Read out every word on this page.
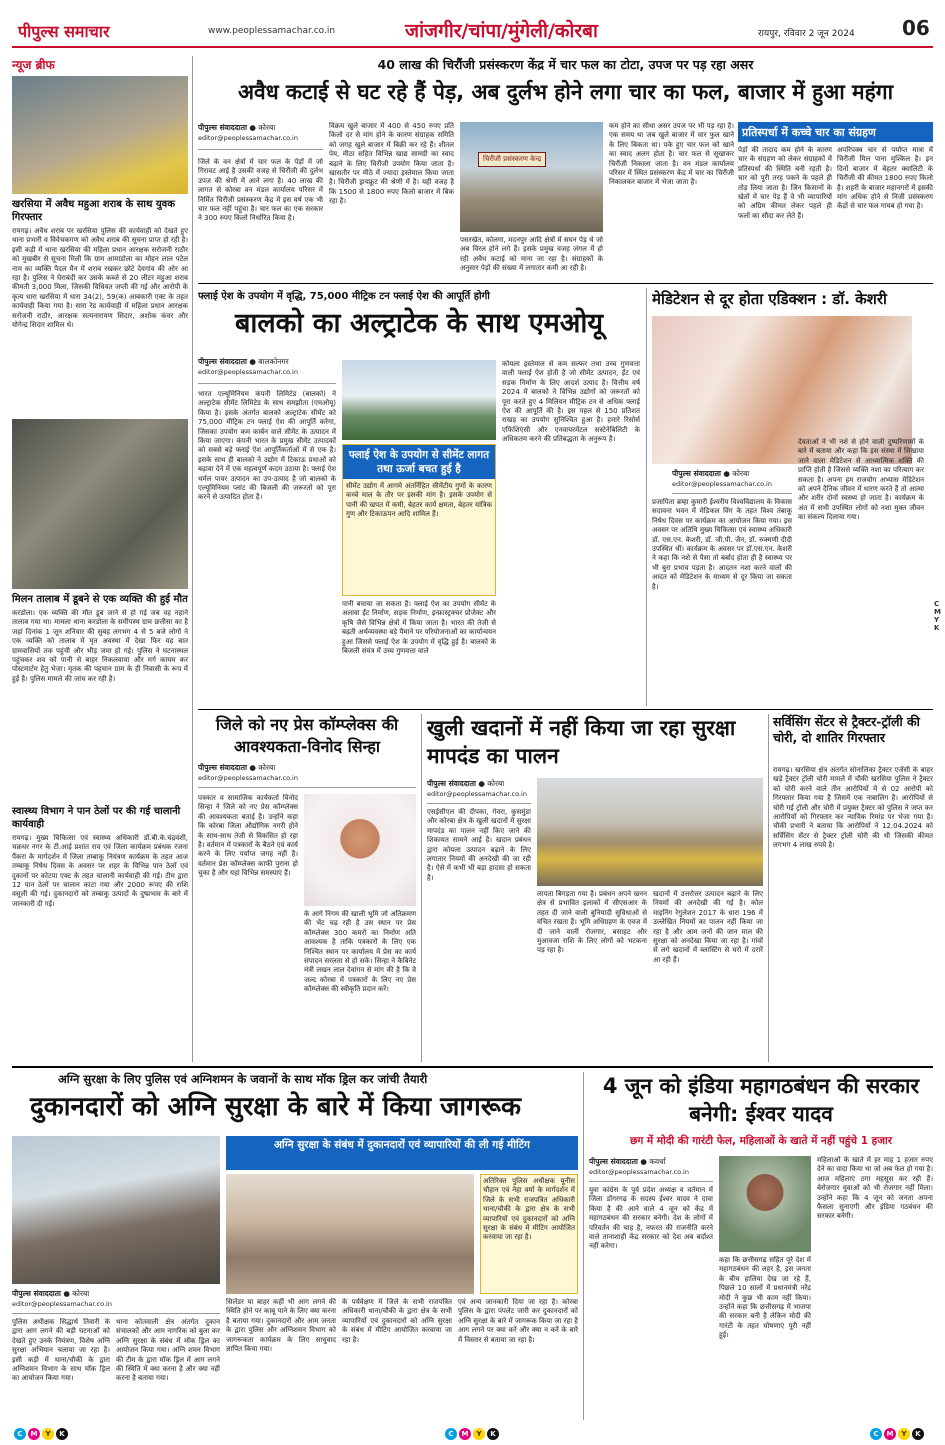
पीपुल्स समाचार	www.peoplessamachar.co.in	जांजगीर/चांपा/मुंगेली/कोरबा	रायपुर, रविवार 2 जून 2024 06
न्यूज ब्रीफ
खरसिया में अवैध महुआ शराब के साथ युवक गिरफ्तार
रायगढ़। अवैध शराब पर खरसिया पुलिस की कार्यवाही को देखते हुए थाना प्रभारी व विवेचकगण को अवैध शराब की सूचना प्राप्त हो रही है। इसी कड़ी में थाना खरसिया की महिला प्रधान आरक्षक सरोजनी राठौर को मुखबीर से सूचना मिली कि ग्राम आमाडोला का मोहन लाल पटेल नाम का व्यक्ति पैदल मैन में शराब रखकर छोटे देवगांव की ओर आ रहा है। पुलिस ने घेराबंदी कर उसके कब्जे से 20 लीटर महुआ शराब कीमती 3,000 मिला, जिसकी विधिवत जप्ती की गई और आरोपी के कृत्य धारा खरसिया में धारा 34(2), 59(क) आबकारी एक्ट के तहत कार्यवाही किया गया है। सारा रेड कार्यवाही में महिला प्रधान आरक्षक सरोजनी राठौर, आरक्षक सत्यनारायण सिदार, अशोक कंवर और योगेन्द्र सिदार शामिल थे।
मिलन तालाब में डूबने से एक व्यक्ति की हुई मौत
करडोला। एक व्यक्ति की मौत डूब जाने से हो गई जब वह नहाने तालाब गया था। मामला थाना करडोला के समीपस्थ ग्राम छत्तीसा का है जहां दिनांक 1 जून शनिवार की सुबह लगभग 4 से 5 बजे लोगों ने एक व्यक्ति को तालाब में मृत अवस्था में देखा फिर यह बात ग्रामवासियों तक पहुंची और भीड़ जमा हो गई। पुलिस ने घटनास्थल पहुंचकर शव को पानी से बाहर निकलवाया और मर्ग कायम कर पोस्टमार्टम हेतु भेजा। मृतक की पहचान ग्राम के ही निवासी के रूप में हुई है। पुलिस मामले की जांच कर रही है।
स्वास्थ्य विभाग ने पान ठेलों पर की गई चालानी कार्यवाही
रायगढ़। मुख्य चिकित्सा एवं स्वास्थ्य अधिकारी डॉ.बी.के.चंद्रवंशी, चक्रधर नगर के टी.आई प्रशांत राव एवं जिला कार्यक्रम प्रबंधक रंजना पैंकरा के मार्गदर्शन में जिला तम्बाकू नियंत्रण कार्यक्रम के तहत आज तम्बाकू निषेध दिवस के अवसर पर शहर के विभिन्न पान ठेलों एवं दुकानों पर कोटपा एक्ट के तहत चालानी कार्यवाही की गई। टीम द्वारा 12 पान ठेलों पर चालान काटा गया और 2000 रूपए की राशि वसूली की गई। दुकानदारों को तम्बाकू उत्पादों के दुष्प्रभाव के बारे में जानकारी दी गई।
40 लाख की चिरौंजी प्रसंस्करण केंद्र में चार फल का टोटा, उपज पर पड़ रहा असर
अवैध कटाई से घट रहे हैं पेड़, अब दुर्लभ होने लगा चार का फल, बाजार में हुआ महंगा
पीपुल्स संवाददाता ● कोरबा
editor@peoplessamachar.co.in
जिले के वन क्षेत्रों में चार फल के पेड़ों में जो गिरावट आई है उसकी वजह से चिरौंजी की दुर्लभ उपज की श्रेणी में आने लगा है। 40 लाख की लागत से कोरबा वन मंडल कार्यालय परिसर में निर्मित चिरौंजी प्रसंस्करण केंद्र में इस वर्ष एक भी चार फल नहीं पहुंचा है। चार फल का एक सरकार ने 300 रुपए किलो निर्धारित किया है।
विक्रय खुले बाजार में 400 से 450 रुपए प्रति किलो दर से मांग होने के कारण संग्राहक समिति को जगह खुले बाजार में बिक्री कर रहे हैं। शीतल पेय, मीठा सहित विभिन्न खाद्य सामग्री का स्वाद बढ़ाने के लिए चिरौंजी उपयोग किया जाता है। खासतौर पर मीठे में ज्यादा इस्तेमाल किया जाता है। चिरौंजी ड्रायफ्रूट की श्रेणी में है। यही वजह है कि 1500 से 1800 रुपए किलो बाजार में बिक रहा है।
चिरौंजी प्रसंस्करण केन्द्र
पसरखेत, कोलगा, मदनपुर आदि क्षेत्रों में सघन पेड़ थे जो अब विरल होने लगे हैं। इसके प्रमुख वजह जंगल में हो रही अवैध कटाई को माना जा रहा है। संग्राहकों के अनुसार पेड़ों की संख्या में लगातार कमी आ रही है।
कम होने का सीधा असर उपज पर भी पड़ रहा है। एक समय था जब खुले बाजार में चार फुल खाने के लिए बिकता था। पके हुए चार फल को खाने का स्वाद अलग होता है। चार फल से सूखाकर चिरौंजी निकाला जाता है। वन मंडल कार्यालय परिसर में स्थित प्रसंस्करण केंद्र में चार का चिरौंजी निकालकर बाजार में भेजा जाता है।
प्रतिस्पर्धा में कच्चे चार का संग्रहण
पेड़ों की तादाद कम होने के कारण चार के संग्रहण को लेकर संग्राहकों में प्रतिस्पर्धा की स्थिति बनी रहती है। चार को पूरी तरह पकने के पहले ही तोड़ लिया जाता है। जिन किसानों के खेतों में चार पेड़ हैं वे भी व्यापारियों को अग्रिम कीमत लेकर पहले ही फलों का सौदा कर लेते हैं।
अपरिपक्व चार से पर्याप्त मात्रा में चिरौंजी मिल पाना मुश्किल है। इन दिनों बाजार में बेहतर क्वालिटी के चिरौंजी की कीमत 1800 रुपए किलो है। शहरी के बाजार महानगरों में इसकी मांग अधिक होने से निजी प्रसंस्करण केंद्रों से चार फल गायब हो गया है।
फ्लाई ऐश के उपयोग में वृद्धि, 75,000 मीट्रिक टन फ्लाई ऐश की आपूर्ति होगी
बालको का अल्ट्राटेक के साथ एमओयू
पीपुल्स संवाददाता ● बालकोनगर
editor@peoplessamachar.co.in
भारत एल्यूमिनियम कंपनी लिमिटेड (बालको) ने अल्ट्राटेक सीमेंट लिमिटेड के साथ समझौता (एमओयू) किया है। इसके अंतर्गत बालको अल्ट्राटेक सीमेंट को 75,000 मीट्रिक टन फ्लाई ऐश की आपूर्ति करेगा, जिसका उपयोग कम कार्बन वाले सीमेंट के उत्पादन में किया जाएगा। कंपनी भारत के प्रमुख सीमेंट उत्पादकों को सबसे बड़े फ्लाई ऐश आपूर्तिकर्ताओं में से एक है। इसके साथ ही बालको ने उद्योग में टिकाऊ प्रथाओं को बढ़ावा देने में एक महत्वपूर्ण कदम उठाया है। फ्लाई ऐश थर्मल पावर उत्पादन का उप-उत्पाद है जो बालको के एल्यूमिनियम प्लांट की बिजली की जरूरतों को पूरा करने से उत्पादित होता है।
फ्लाई ऐश के उपयोग से सीमेंट लागत तथा ऊर्जा बचत हुई है
सीमेंट उद्योग में आगमे अंतर्निहित सीमेंटीय गुणों के कारण कच्चे माल के तौर पर इसकी मांग है। इसके उपयोग से पानी की खपत में कमी, बेहतर कार्य क्षमता, बेहतर यांत्रिक गुण और टिकाऊपन आदि शामिल हैं।
पानी बचाया जा सकता है। फ्लाई ऐश का उपयोग सीमेंट के अलावा ईंट निर्माण, सड़क निर्माण, इन्फ्रास्ट्रक्चर प्रोजेक्ट और कृषि जैसे विभिन्न क्षेत्रों में किया जाता है। भारत की तेजी से बढ़ती अर्थव्यवस्था बड़े पैमाने पर परियोजनाओं का कार्यान्वयन हुआ जिससे फ्लाई ऐश के उपयोग में वृद्धि हुई है। बालको के बिजली संयंत्र में उच्च गुणवत्ता वाले
कोयला इस्तेमाल से कम सल्फर तथा उच्च गुणवत्ता वाली फ्लाई ऐश होती है जो सीमेंट उत्पादन, ईंट एवं सड़क निर्माण के लिए आदर्श उत्पाद है। वित्तीय वर्ष 2024 में बालको ने विभिन्न उद्योगों को जरूरतों को पूरा करते हुए 4 मिलियन मीट्रिक टन से अधिक फ्लाई ऐश की आपूर्ति की है। इस पहल से 150 प्रतिशत राखड़ का उपयोग सुनिश्चित हुआ है। हमारे रिसोर्स एफिशिएंसी और एनवायरमेंटल सस्टेनेबिलिटी के अधिकतम करने की प्रतिबद्धता के अनुरूप है।
मेडिटेशन से दूर होता एडिक्शन : डॉ. केशरी
पीपुल्स संवाददाता ● कोरबा
editor@peoplessamachar.co.in
प्रजापिता ब्रम्हा कुमारी ईश्वरीय विश्वविद्यालय के विकास सदावना भवन में मेडिकल विंग के तहत विश्व तंबाकू निषेध दिवस पर कार्यक्रम का आयोजन किया गया। इस अवसर पर अतिथि मुख्य चिकित्सा एवं स्वास्थ्य अधिकारी डॉ. एस.एन. केशरी, डॉ. जी.पी. जैन, डॉ. रुक्मणी दीदी उपस्थित थीं। कार्यक्रम के अवसर पर डॉ.एस.एन. केशरी ने कहा कि नशे से पैसा तो बर्बाद होता ही है स्वास्थ्य पर भी बुरा प्रभाव पड़ता है। आदतन नशा करने वालों की आदत को मेडिटेशन के माध्यम से दूर किया जा सकता है।
देवताओं ने भी नशे से होने वाली दुष्परिणामों के बारे में बताया और कहा कि इस संस्था में सिखाया जाने वाला मेडिटेशन से आध्यात्मिक शक्ति की प्राप्ति होती है जिससे व्यक्ति नशा का परित्याग कर सकता है। अपना हम राजयोग अभ्यास मेडिटेशन को अपने दैनिक जीवन में धारण करते हैं तो आत्मा और शरीर दोनों स्वस्थ्य हो जाता है। कार्यक्रम के अंत में सभी उपस्थित लोगों को नशा मुक्त जीवन का संकल्प दिलाया गया।
C
M
Y
K
जिले को नए प्रेस कॉम्प्लेक्स की आवश्यकता-विनोद सिन्हा
पीपुल्स संवाददाता ● कोरबा
editor@peoplessamachar.co.in
पत्रकार व सामाजिक कार्यकर्ता विनोद सिन्हा ने जिले को नए प्रेस कॉम्प्लेक्स की आवश्यकता बताई है। उन्होंने कहा कि कोरबा जिला औद्योगिक नगरी होने के साथ-साथ तेजी से विकसित हो रहा है। वर्तमान में पत्रकारों के बैठने एवं कार्य करने के लिए पर्याप्त जगह नहीं है। वर्तमान प्रेस कॉम्प्लेक्स काफी पुराना हो चुका है और यहां विभिन्न समस्याएं हैं।
के आगे निगम की खाली भूमि जो अतिक्रमण की भेंट चढ़ रही है उस स्थान पर प्रेस कॉम्प्लेक्स 300 कमरों का निर्माण अति आवश्यक है ताकि पत्रकारों के लिए एक निश्चित स्थान पर कार्यालय में प्रेस का कार्य संपादन सरलता से हो सके। सिन्हा ने कैबिनेट मंत्री लखन लाल देवांगन से मांग की है कि वे जल्द कोरबा में पत्रकारों के लिए नए प्रेस कॉम्प्लेक्स की स्वीकृति प्रदान करें।
खुली खदानों में नहीं किया जा रहा सुरक्षा मापदंड का पालन
पीपुल्स संवाददाता ● कोरबा
editor@peoplessamachar.co.in
एसईसीएल की दीपका, गेवरा, कुसमुंडा और कोरबा क्षेत्र के खुली खदानों में सुरक्षा मापदंड का पालन नहीं किए जाने की शिकायत सामने आई है। खदान प्रबंधन द्वारा कोयला उत्पादन बढ़ाने के लिए लगातार नियमों की अनदेखी की जा रही है। ऐसे में कभी भी बड़ा हादसा हो सकता है।
लापता बिगड़ता गया है। प्रबंधन अपने खनन क्षेत्र से प्रभावित इलाकों में सीएसआर के तहत दी जाने वाली बुनियादी सुविधाओं से वंचित रखता है। भूमि अधिग्रहण के एवज में दी जाने वाली रोजगार, बसाहट और मुआवजा राशि के लिए लोगों को भटकना पड़ रहा है।
खदानों में उत्तरोत्तर उत्पादन बढ़ाने के लिए नियमों की अनदेखी की गई है। कोल माइनिंग रेगुलेशन 2017 के धारा 196 में उल्लेखित नियमों का पालन नहीं किया जा रहा है और आम जनों की जान माल की सुरक्षा को अनदेखा किया जा रहा है। गांवों से लगे खदानों में ब्लास्टिंग से घरों में दरारें आ रही हैं।
सर्विसिंग सेंटर से ट्रैक्टर-ट्रॉली की चोरी, दो शातिर गिरफ्तार
रायगढ़। खरसिया क्षेत्र अंतर्गत सोनालिका ट्रैक्टर एजेंसी के बाहर खड़े ट्रैक्टर ट्रॉली चोरी मामले में चौकी खरसिया पुलिस ने ट्रैक्टर को चोरी करने वाले तीन आरोपियों में से 02 आरोपी को गिरफ्तार किया गया है जिसमें एक नाबालिग है। आरोपियों से चोरी गई ट्रॉली और चोरी में प्रयुक्त ट्रैक्टर को पुलिस ने जप्त कर आरोपियों को गिरफ्तार कर न्यायिक रिमांड पर भेजा गया है। चौकी प्रभारी ने बताया कि आरोपियों ने 12.04.2024 को सर्विसिंग सेंटर से ट्रैक्टर ट्रॉली चोरी की थी जिसकी कीमत लगभग 4 लाख रुपये है।
अग्नि सुरक्षा के लिए पुलिस एवं अग्निशमन के जवानों के साथ मॉक ड्रिल कर जांची तैयारी
दुकानदारों को अग्नि सुरक्षा के बारे में किया जागरूक
पीपुल्स संवाददाता ● कोरबा
editor@peoplessamachar.co.in
पुलिस अधीक्षक सिद्धार्थ तिवारी के द्वारा आग लगने की बड़ी घटनाओं को देखते हुए उनके नियंत्रण, विशेष अग्नि सुरक्षा अभियान चलाया जा रहा है। इसी कड़ी में थाना/चौकी के द्वारा अग्निशमन विभाग के साथ मॉक ड्रिल का आयोजन किया गया।
थाना कोतवाली क्षेत्र अंतर्गत दुकान संचालकों और आम नागरिक को बुला कर अग्नि सुरक्षा के संबंध में मॉक ड्रिल का आयोजन किया गया। अग्नि शमन विभाग की टीम के द्वारा मॉक ड्रिल में आग लगने की स्थिति में क्या करना है और क्या नहीं करना है बताया गया।
अग्नि सुरक्षा के संबंध में दुकानदारों एवं व्यापारियों की ली गई मीटिंग
अतिरिक्त पुलिस अधीक्षक यूनीस चौहान एवं नेहा वर्मा के मार्गदर्शन में जिले के सभी राजपत्रित अधिकारी थाना/चौकी के द्वारा क्षेत्र के सभी व्यापारियों एवं दुकानदारों को अग्नि सुरक्षा के संबंध में मीटिंग आयोजित करवाया जा रहा है।
सिलेंडर या बाहर कहीं भी आग लगने की स्थिति होने पर काबू पाने के लिए क्या करना है बताया गया। दुकानदारों और आम जनता के द्वारा पुलिस और अग्निशमन विभाग को जागरूकता कार्यक्रम के लिए साधुवाद ज्ञापित किया गया।
के पर्यवेक्षण में जिले के सभी राजपत्रित अधिकारी थाना/चौकी के द्वारा क्षेत्र के सभी व्यापारियों एवं दुकानदारों को अग्नि सुरक्षा के संबंध में मीटिंग आयोजित करवाया जा रहा है।
एवं अन्य जानकारी दिया जा रहा है। कोरबा पुलिस के द्वारा पंपलेट जारी कर दुकानदारों को अग्नि सुरक्षा के बारे में जागरूक किया जा रहा है आग लगने पर क्या करें और क्या न करें के बारे में विस्तार से बताया जा रहा है।
4 जून को इंडिया महागठबंधन की सरकार बनेगी: ईश्वर यादव
छग में मोदी की गारंटी फेल, महिलाओं के खाते में नहीं पहुंचे 1 हजार
पीपुल्स संवाददाता ● कवर्धा
editor@peoplessamachar.co.in
युवा कांग्रेस के पूर्व प्रदेश अध्यक्ष व वर्तमान में जिला डोंगरगढ़ के सदस्य ईश्वर यादव ने दावा किया है की आने वाले 4 जून को केंद्र में महागठबंधन की सरकार बनेगी। देश के लोगों में परिवर्तन की चाह है, नफरत की राजनीति करने वाले तानाशाही केंद्र सरकार को देश अब बर्दाश्त नहीं करेगा।
कहा कि छत्तीसगढ़ सहित पूरे देश में महागठबंधन की लहर है, इस जनता के बीच हालिया देख जा रहे हैं, पिछले 10 सालों में प्रधानमंत्री नरेंद्र मोदी ने कुछ भी काम नहीं किया। उन्होंने कहा कि छत्तीसगढ़ में भाजपा की सरकार बनी है लेकिन मोदी की गारंटी के तहत घोषणाएं पूरी नहीं हुई।
महिलाओं के खाते में हर माह 1 हजार रुपए देने का वादा किया था जो अब फेल हो गया है। आज महिलाएं ठगा महसूस कर रही हैं। बेरोजगार युवाओं को भी रोजगार नहीं मिला। उन्होंने कहा कि 4 जून को जनता अपना फैसला सुनाएगी और इंडिया गठबंधन की सरकार बनेगी।
C	M	Y	K	C	M	Y	K	C	M	Y	K
